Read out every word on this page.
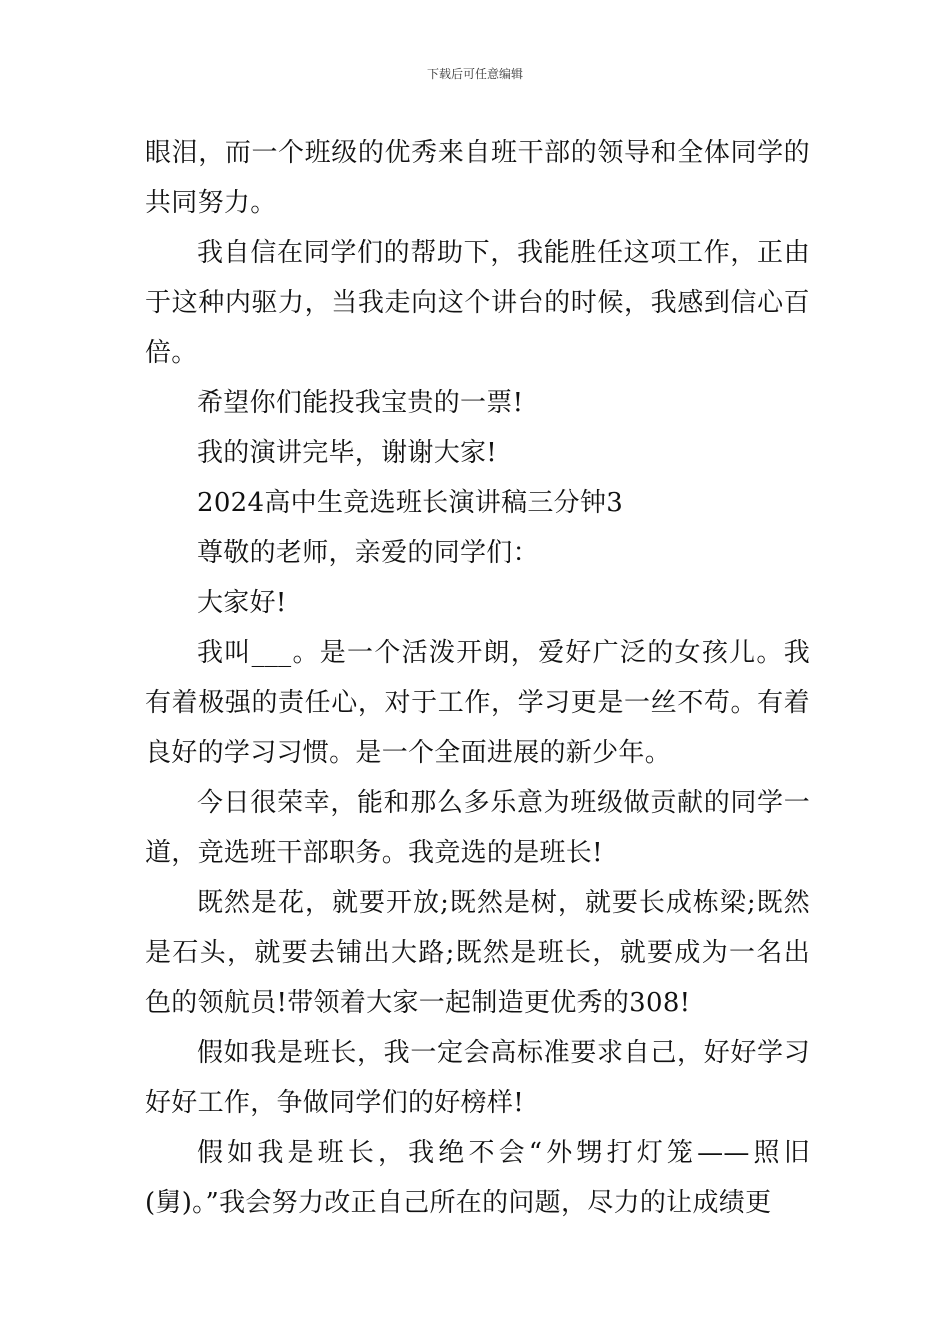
下载后可任意编辑

眼泪，而一个班级的优秀来自班干部的领导和全体同学的共同努力。

我自信在同学们的帮助下，我能胜任这项工作，正由于这种内驱力，当我走向这个讲台的时候，我感到信心百倍。

希望你们能投我宝贵的一票!

我的演讲完毕，谢谢大家!

2024高中生竞选班长演讲稿三分钟3

尊敬的老师，亲爱的同学们：

大家好!

我叫___。是一个活泼开朗，爱好广泛的女孩儿。我有着极强的责任心，对于工作，学习更是一丝不苟。有着良好的学习习惯。是一个全面进展的新少年。

今日很荣幸，能和那么多乐意为班级做贡献的同学一道，竞选班干部职务。我竞选的是班长!

既然是花，就要开放;既然是树，就要长成栋梁;既然是石头，就要去铺出大路;既然是班长，就要成为一名出色的领航员!带领着大家一起制造更优秀的308!

假如我是班长，我一定会高标准要求自己，好好学习好好工作，争做同学们的好榜样!

假如我是班长，我绝不会“外甥打灯笼——照旧(舅)。”我会努力改正自己所在的问题，尽力的让成绩更
